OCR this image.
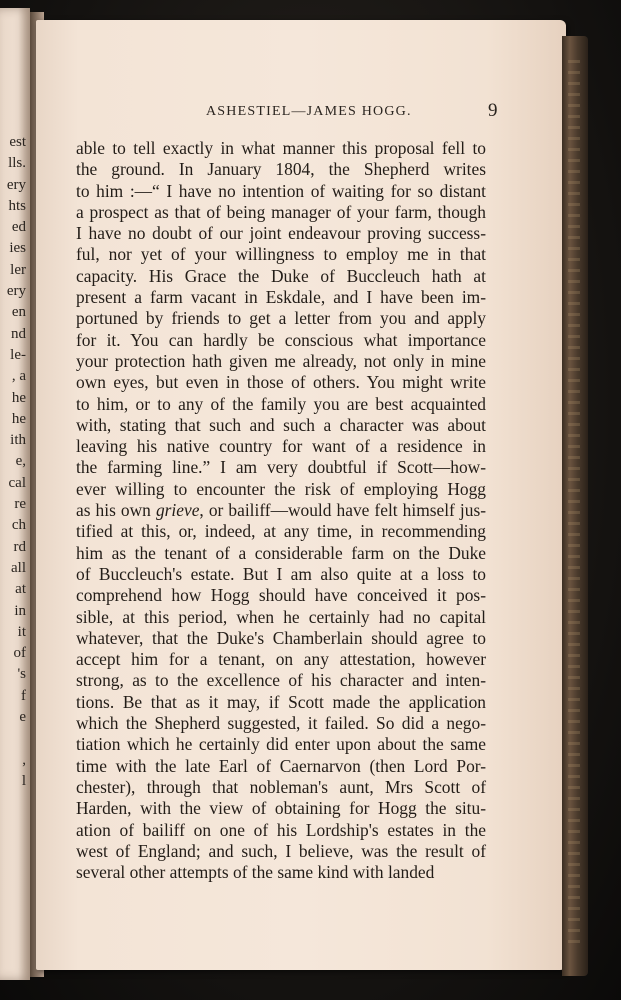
est
lls.
ery
hts
ed
ies
ler
ery
en
nd
le-
, a
he
he
ith
e,
cal
re
ch
rd
all
at
in
it
of
's
f
e
,
l
ASHESTIEL—JAMES HOGG.	9
able to tell exactly in what manner this proposal fell to
the ground. In January 1804, the Shepherd writes
to him :—“ I have no intention of waiting for so distant
a prospect as that of being manager of your farm, though
I have no doubt of our joint endeavour proving success-
ful, nor yet of your willingness to employ me in that
capacity. His Grace the Duke of Buccleuch hath at
present a farm vacant in Eskdale, and I have been im-
portuned by friends to get a letter from you and apply
for it. You can hardly be conscious what importance
your protection hath given me already, not only in mine
own eyes, but even in those of others. You might write
to him, or to any of the family you are best acquainted
with, stating that such and such a character was about
leaving his native country for want of a residence in
the farming line.” I am very doubtful if Scott—how-
ever willing to encounter the risk of employing Hogg
as his own grieve, or bailiff—would have felt himself jus-
tified at this, or, indeed, at any time, in recommending
him as the tenant of a considerable farm on the Duke
of Buccleuch's estate. But I am also quite at a loss to
comprehend how Hogg should have conceived it pos-
sible, at this period, when he certainly had no capital
whatever, that the Duke's Chamberlain should agree to
accept him for a tenant, on any attestation, however
strong, as to the excellence of his character and inten-
tions. Be that as it may, if Scott made the application
which the Shepherd suggested, it failed. So did a nego-
tiation which he certainly did enter upon about the same
time with the late Earl of Caernarvon (then Lord Por-
chester), through that nobleman's aunt, Mrs Scott of
Harden, with the view of obtaining for Hogg the situ-
ation of bailiff on one of his Lordship's estates in the
west of England; and such, I believe, was the result of
several other attempts of the same kind with landed
